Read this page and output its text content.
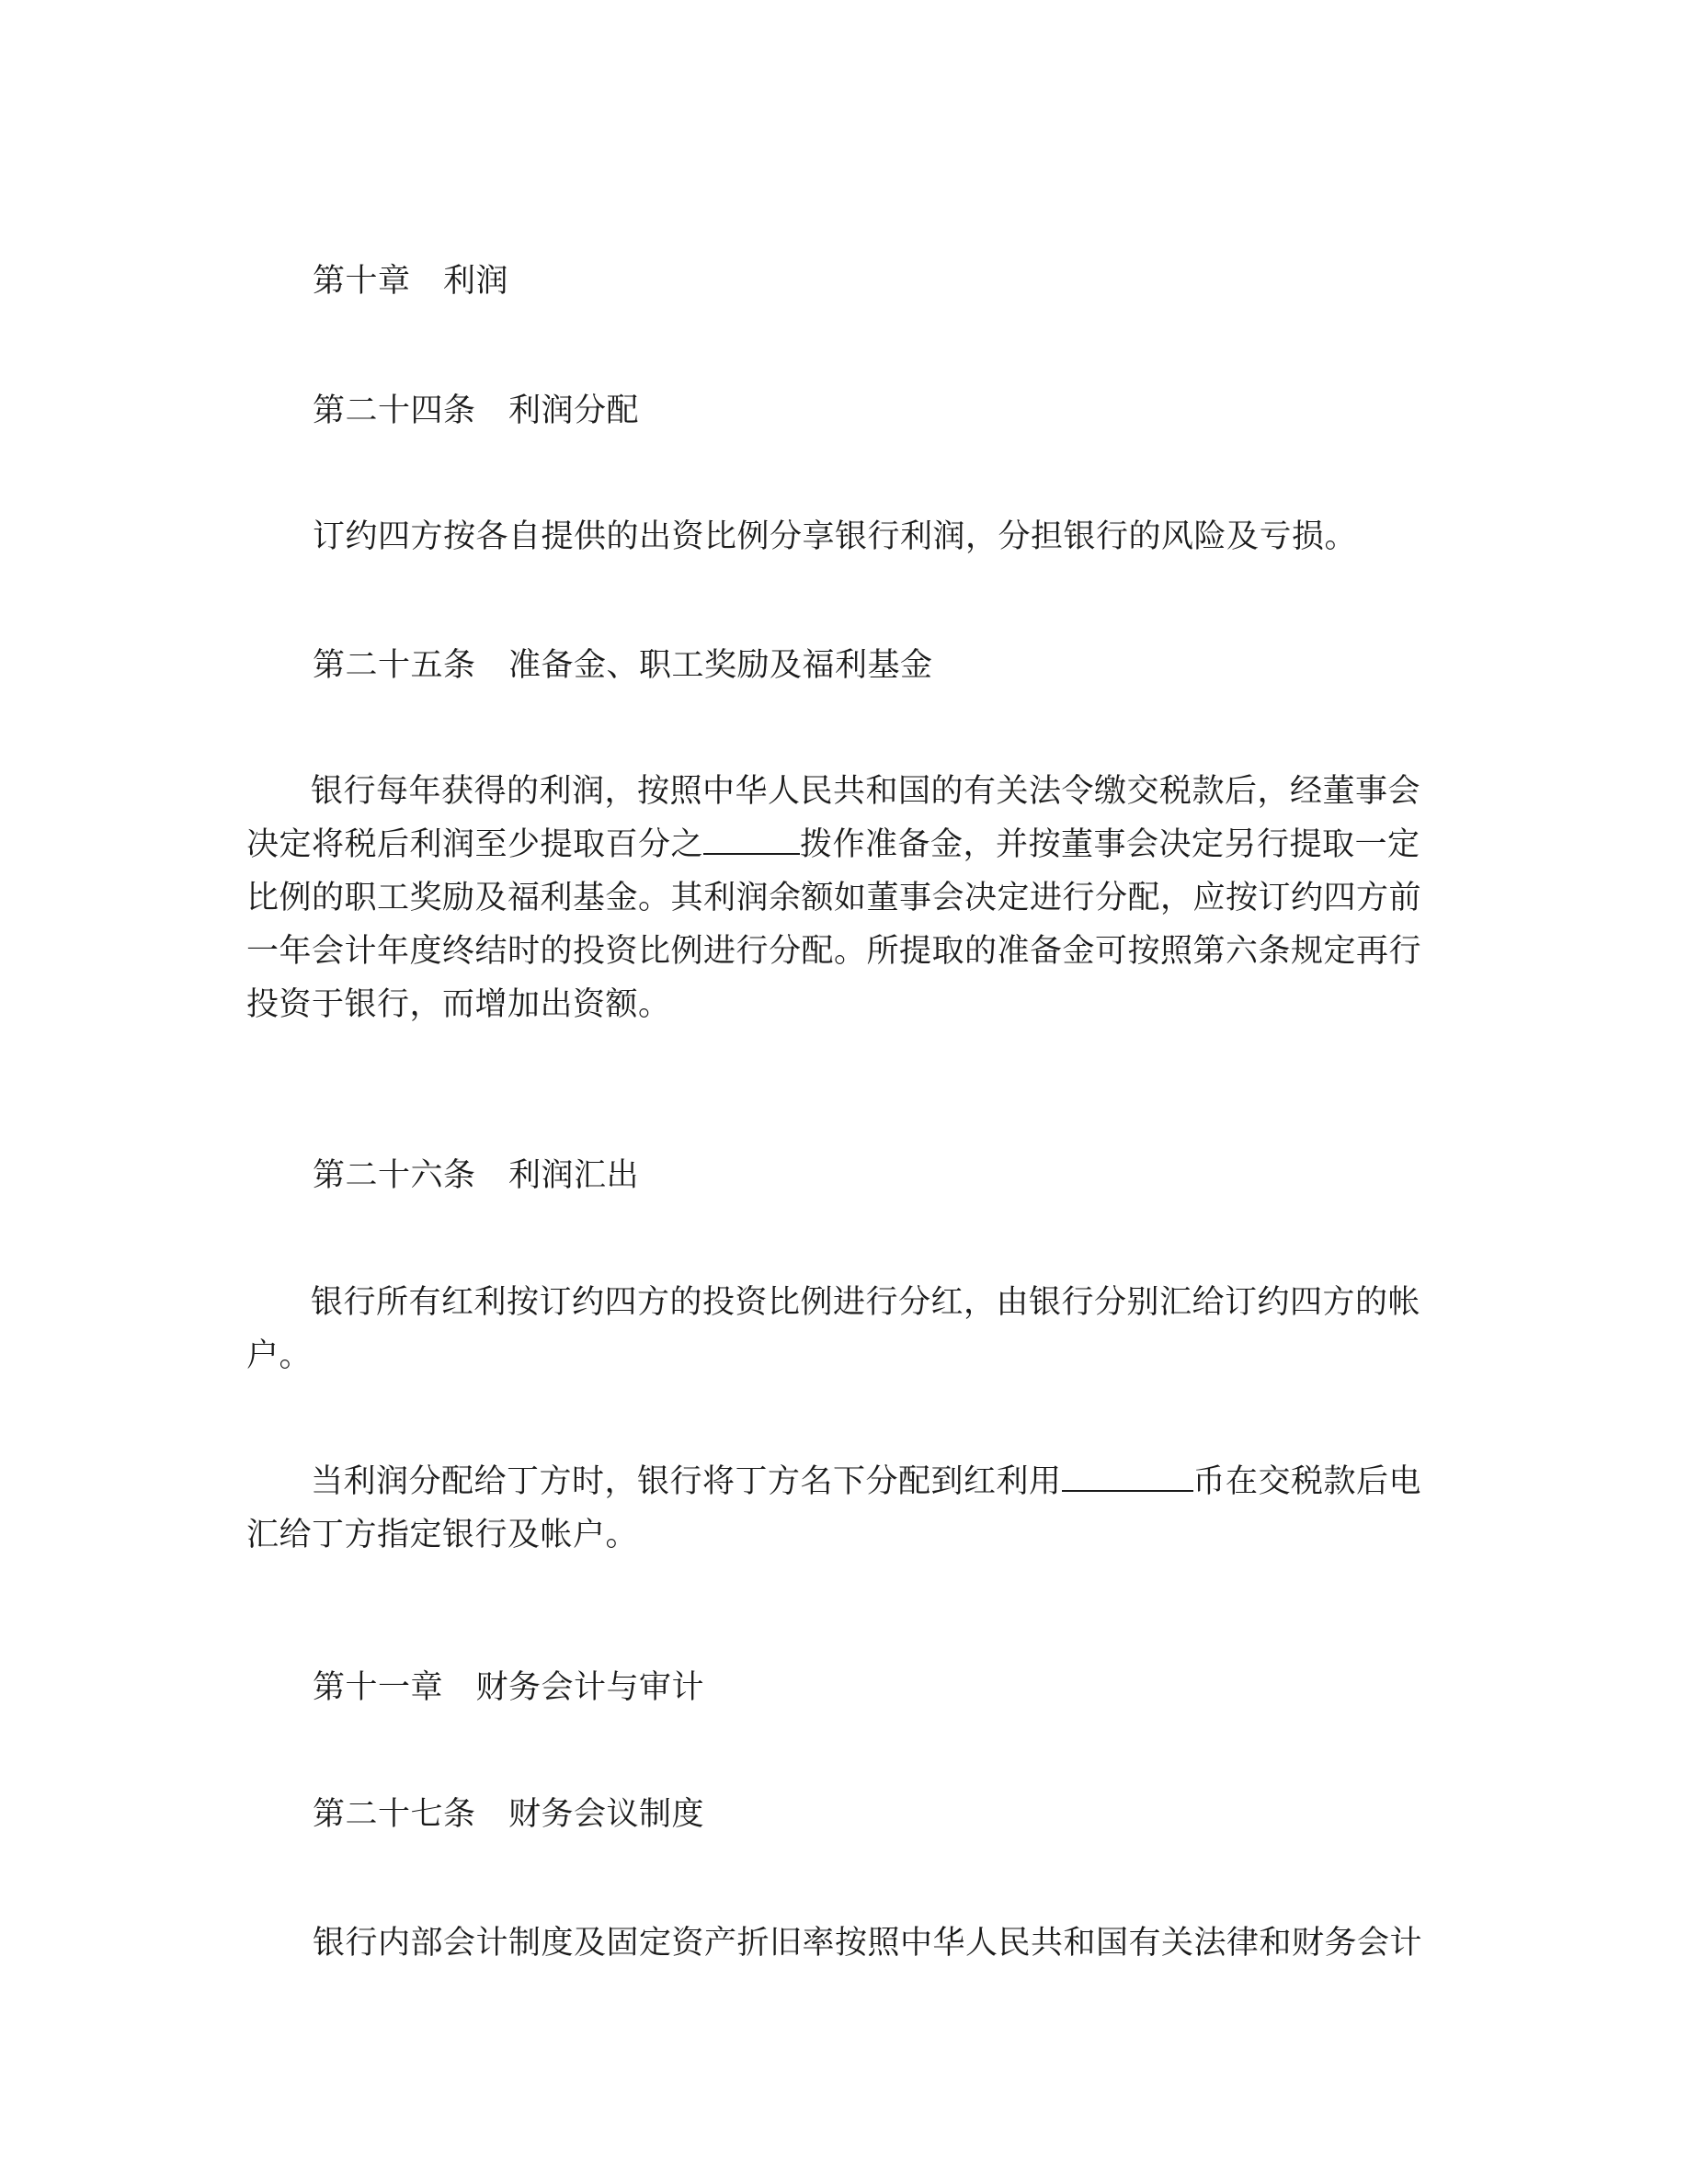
第十章　利润

第二十四条　利润分配

订约四方按各自提供的出资比例分享银行利润，分担银行的风险及亏损。

第二十五条　准备金、职工奖励及福利基金

银行每年获得的利润，按照中华人民共和国的有关法令缴交税款后，经董事会
决定将税后利润至少提取百分之	拨作准备金，并按董事会决定另行提取一定
比例的职工奖励及福利基金。其利润余额如董事会决定进行分配，应按订约四方前
一年会计年度终结时的投资比例进行分配。所提取的准备金可按照第六条规定再行
投资于银行，而增加出资额。

第二十六条　利润汇出

银行所有红利按订约四方的投资比例进行分红，由银行分别汇给订约四方的帐
户。
当利润分配给丁方时，银行将丁方名下分配到红利用	币在交税款后电
汇给丁方指定银行及帐户。

第十一章　财务会计与审计

第二十七条　财务会议制度

银行内部会计制度及固定资产折旧率按照中华人民共和国有关法律和财务会计
